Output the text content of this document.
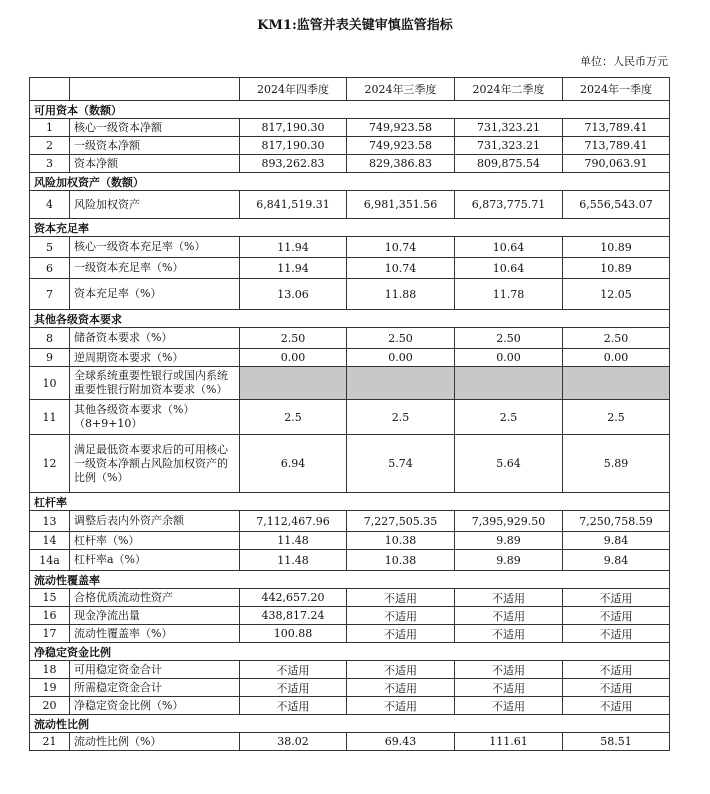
KM1:监管并表关键审慎监管指标
单位：人民币万元
		2024年四季度	2024年三季度	2024年二季度	2024年一季度
可用资本（数额）					
1	核心一级资本净额	817,190.30	749,923.58	731,323.21	713,789.41
2	一级资本净额	817,190.30	749,923.58	731,323.21	713,789.41
3	资本净额	893,262.83	829,386.83	809,875.54	790,063.91
风险加权资产（数额）					
4	风险加权资产	6,841,519.31	6,981,351.56	6,873,775.71	6,556,543.07
资本充足率					
5	核心一级资本充足率（%）	11.94	10.74	10.64	10.89
6	一级资本充足率（%）	11.94	10.74	10.64	10.89
7	资本充足率（%）	13.06	11.88	11.78	12.05
其他各级资本要求					
8	储备资本要求（%）	2.50	2.50	2.50	2.50
9	逆周期资本要求（%）	0.00	0.00	0.00	0.00
10	全球系统重要性银行或国内系统
重要性银行附加资本要求（%）				

11	其他各级资本要求（%）
（8+9+10）	2.5	2.5	2.5	2.5
12	满足最低资本要求后的可用核心
一级资本净额占风险加权资产的
比例（%）	6.94	5.74	5.64	5.89
杠杆率					
13	调整后表内外资产余额	7,112,467.96	7,227,505.35	7,395,929.50	7,250,758.59
14	杠杆率（%）	11.48	10.38	9.89	9.84
14a	杠杆率a（%）	11.48	10.38	9.89	9.84
流动性覆盖率					
15	合格优质流动性资产	442,657.20	不适用	不适用	不适用
16	现金净流出量	438,817.24	不适用	不适用	不适用
17	流动性覆盖率（%）	100.88	不适用	不适用	不适用
净稳定资金比例					
18	可用稳定资金合计	不适用	不适用	不适用	不适用
19	所需稳定资金合计	不适用	不适用	不适用	不适用
20	净稳定资金比例（%）	不适用	不适用	不适用	不适用
流动性比例					
21	流动性比例（%）	38.02	69.43	111.61	58.51
